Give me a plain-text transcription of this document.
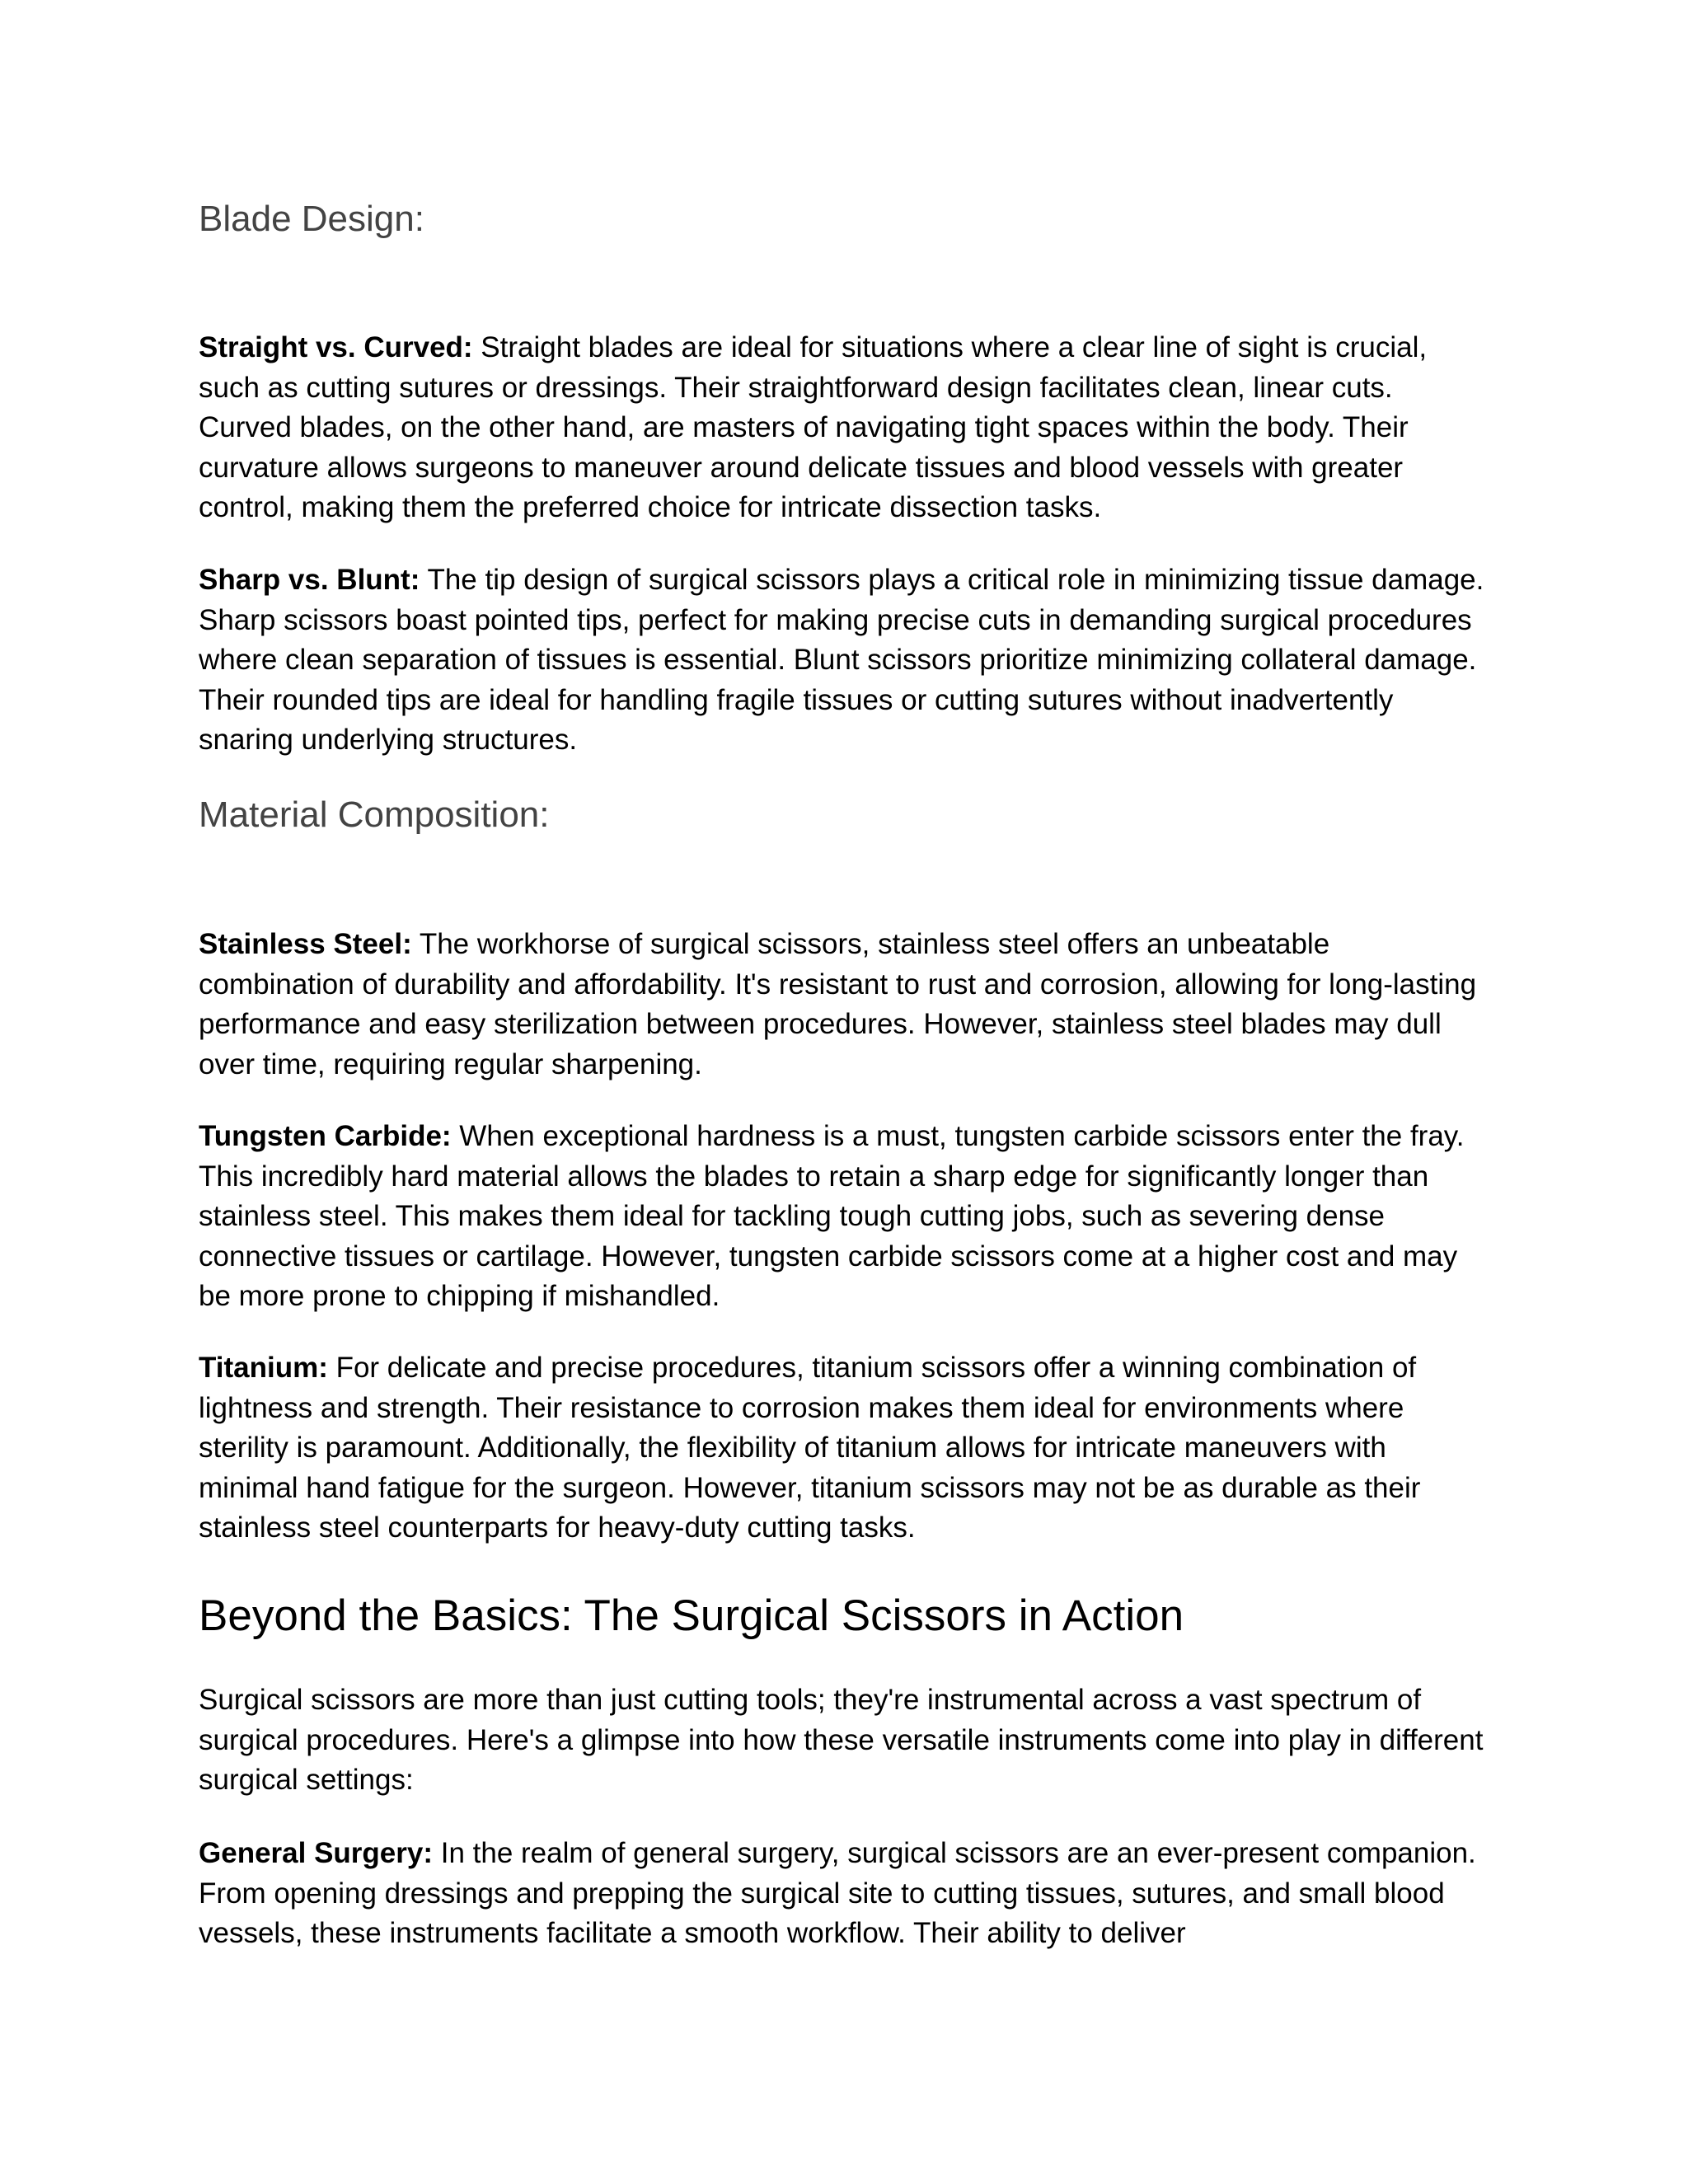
Blade Design:

Straight vs. Curved: Straight blades are ideal for situations where a clear line of sight is crucial, such as cutting sutures or dressings. Their straightforward design facilitates clean, linear cuts. Curved blades, on the other hand, are masters of navigating tight spaces within the body. Their curvature allows surgeons to maneuver around delicate tissues and blood vessels with greater control, making them the preferred choice for intricate dissection tasks.

Sharp vs. Blunt: The tip design of surgical scissors plays a critical role in minimizing tissue damage. Sharp scissors boast pointed tips, perfect for making precise cuts in demanding surgical procedures where clean separation of tissues is essential. Blunt scissors prioritize minimizing collateral damage. Their rounded tips are ideal for handling fragile tissues or cutting sutures without inadvertently snaring underlying structures.

Material Composition:

Stainless Steel: The workhorse of surgical scissors, stainless steel offers an unbeatable combination of durability and affordability. It's resistant to rust and corrosion, allowing for long-lasting performance and easy sterilization between procedures. However, stainless steel blades may dull over time, requiring regular sharpening.

Tungsten Carbide: When exceptional hardness is a must, tungsten carbide scissors enter the fray. This incredibly hard material allows the blades to retain a sharp edge for significantly longer than stainless steel. This makes them ideal for tackling tough cutting jobs, such as severing dense connective tissues or cartilage. However, tungsten carbide scissors come at a higher cost and may be more prone to chipping if mishandled.

Titanium: For delicate and precise procedures, titanium scissors offer a winning combination of lightness and strength. Their resistance to corrosion makes them ideal for environments where sterility is paramount. Additionally, the flexibility of titanium allows for intricate maneuvers with minimal hand fatigue for the surgeon. However, titanium scissors may not be as durable as their stainless steel counterparts for heavy-duty cutting tasks.

Beyond the Basics: The Surgical Scissors in Action

Surgical scissors are more than just cutting tools; they're instrumental across a vast spectrum of surgical procedures. Here's a glimpse into how these versatile instruments come into play in different surgical settings:

General Surgery: In the realm of general surgery, surgical scissors are an ever-present companion. From opening dressings and prepping the surgical site to cutting tissues, sutures, and small blood vessels, these instruments facilitate a smooth workflow. Their ability to deliver
